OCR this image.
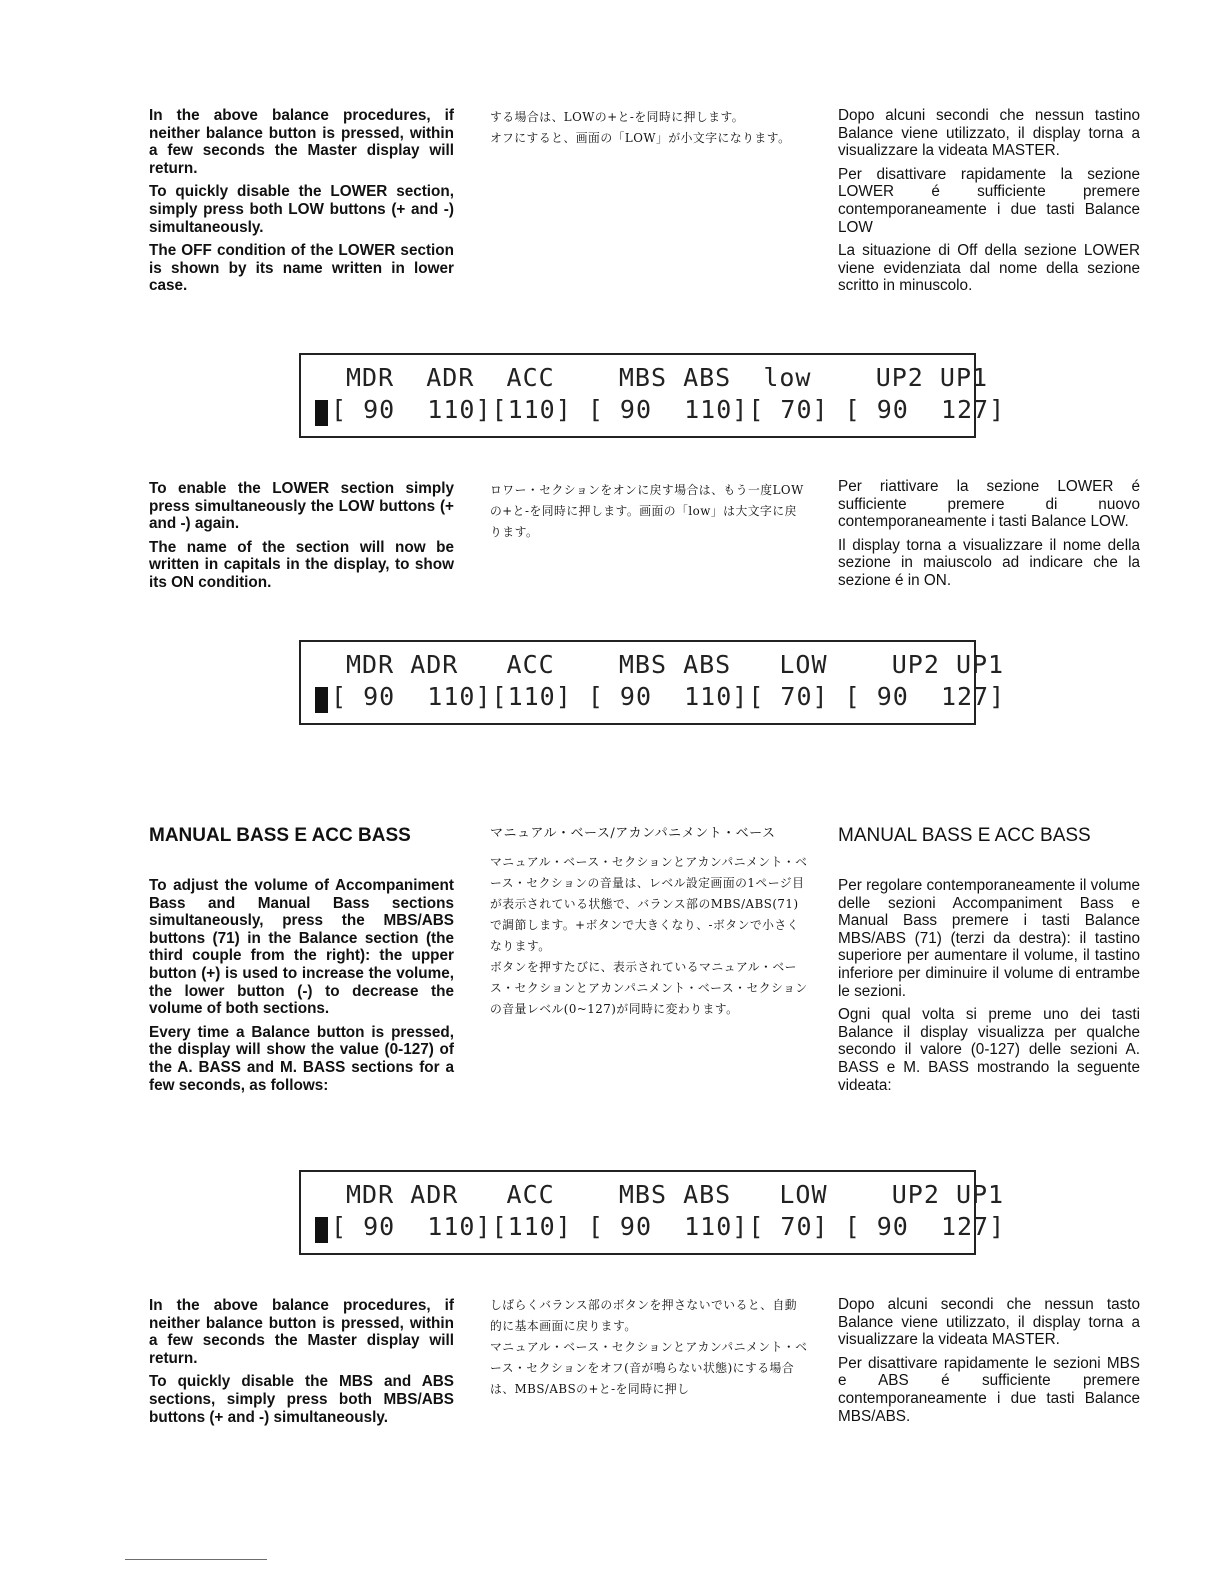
In the above balance procedures, if neither balance button is pressed, within a few seconds the Master display will return.

To quickly disable the LOWER section, simply press both LOW buttons (+ and -) simultaneously.

The OFF condition of the LOWER section is shown by its name written in lower case.

する場合は、LOWの+と-を同時に押します。

オフにすると、画面の「LOW」が小文字になります。

Dopo alcuni secondi che nessun tastino Balance viene utilizzato, il display torna a visualizzare la videata MASTER.

Per disattivare rapidamente la sezione LOWER é sufficiente premere contemporaneamente i due tasti Balance LOW

La situazione di Off della sezione LOWER viene evidenziata dal nome della sezione scritto in minuscolo.

MDR  ADR  ACC    MBS ABS  low    UP2 UP1
[ 90  110][110] [ 90  110][ 70] [ 90  127]

To enable the LOWER section simply press simultaneously the LOW buttons (+ and -) again.

The name of the section will now be written in capitals in the display, to show its ON condition.

ロワー・セクションをオンに戻す場合は、もう一度LOWの+と-を同時に押します。画面の「low」は大文字に戻ります。

Per riattivare la sezione LOWER é sufficiente premere di nuovo contemporaneamente i tasti Balance LOW.

Il display torna a visualizzare il nome della sezione in maiuscolo ad indicare che la sezione é in ON.

MDR ADR   ACC    MBS ABS   LOW    UP2 UP1
[ 90  110][110] [ 90  110][ 70] [ 90  127]

MANUAL BASS E ACC BASS

To adjust the volume of Accompaniment Bass and Manual Bass sections simultaneously, press the MBS/ABS buttons (71) in the Balance section (the third couple from the right): the upper button (+) is used to increase the volume, the lower button (-) to decrease the volume of both sections.

Every time a Balance button is pressed, the display will show the value (0-127) of the A. BASS and M. BASS sections for a few seconds, as follows:

マニュアル・ベース/アカンパニメント・ベース

マニュアル・ベース・セクションとアカンパニメント・ベース・セクションの音量は、レベル設定画面の1ページ目が表示されている状態で、バランス部のMBS/ABS(71)で調節します。+ボタンで大きくなり、-ボタンで小さくなります。

ボタンを押すたびに、表示されているマニュアル・ベース・セクションとアカンパニメント・ベース・セクションの音量レベル(0~127)が同時に変わります。

MANUAL BASS E ACC BASS

Per regolare contemporaneamente il volume delle sezioni Accompaniment Bass e Manual Bass premere i tasti Balance MBS/ABS (71) (terzi da destra): il tastino superiore per aumentare il volume, il tastino inferiore per diminuire il volume di entrambe le sezioni.

Ogni qual volta si preme uno dei tasti Balance il display visualizza per qualche secondo il valore (0-127) delle sezioni A. BASS e M. BASS mostrando la seguente videata:

MDR ADR   ACC    MBS ABS   LOW    UP2 UP1
[ 90  110][110] [ 90  110][ 70] [ 90  127]

In the above balance procedures, if neither balance button is pressed, within a few seconds the Master display will return.

To quickly disable the MBS and ABS sections, simply press both MBS/ABS buttons (+ and -) simultaneously.

しばらくバランス部のボタンを押さないでいると、自動的に基本画面に戻ります。

マニュアル・ベース・セクションとアカンパニメント・ベース・セクションをオフ(音が鳴らない状態)にする場合は、MBS/ABSの+と-を同時に押し

Dopo alcuni secondi che nessun tasto Balance viene utilizzato, il display torna a visualizzare la videata MASTER.

Per disattivare rapidamente le sezioni MBS e ABS é sufficiente premere contemporaneamente i due tasti Balance MBS/ABS.
